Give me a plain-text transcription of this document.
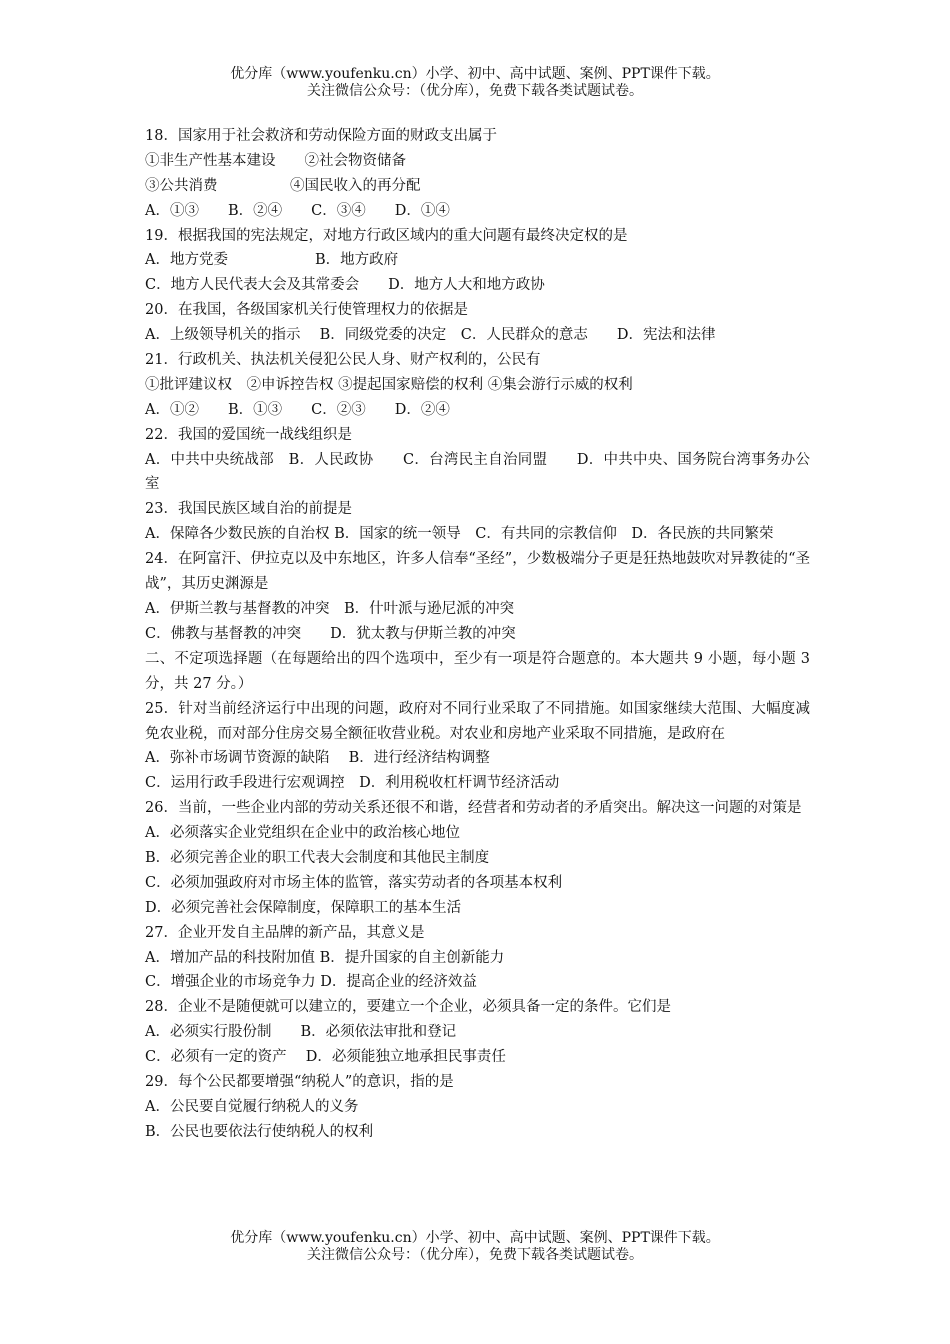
优分库（www.youfenku.cn）小学、初中、高中试题、案例、PPT课件下载。
关注微信公众号：（优分库），免费下载各类试题试卷。
18．国家用于社会救济和劳动保险方面的财政支出属于
①非生产性基本建设　　②社会物资储备
③公共消费　　　　　④国民收入的再分配
A．①③　　B．②④　　C．③④　　D．①④
19．根据我国的宪法规定，对地方行政区域内的重大问题有最终决定权的是
A．地方党委　　　　　　B．地方政府
C．地方人民代表大会及其常委会　　D．地方人大和地方政协
20．在我国，各级国家机关行使管理权力的依据是
A．上级领导机关的指示　 B．同级党委的决定　C．人民群众的意志　　D．宪法和法律
21．行政机关、执法机关侵犯公民人身、财产权利的，公民有
①批评建议权　②申诉控告权 ③提起国家赔偿的权利 ④集会游行示威的权利
A．①②　　B．①③　　C．②③　　D．②④
22．我国的爱国统一战线组织是
A．中共中央统战部　B．人民政协　　C．台湾民主自治同盟　　D．中共中央、国务院台湾事务办公室
23．我国民族区域自治的前提是
A．保障各少数民族的自治权 B．国家的统一领导　C．有共同的宗教信仰　D．各民族的共同繁荣
24．在阿富汗、伊拉克以及中东地区，许多人信奉“圣经”，少数极端分子更是狂热地鼓吹对异教徒的“圣战”，其历史渊源是
A．伊斯兰教与基督教的冲突　B．什叶派与逊尼派的冲突
C．佛教与基督教的冲突　　D．犹太教与伊斯兰教的冲突
二、不定项选择题（在每题给出的四个选项中，至少有一项是符合题意的。本大题共 9 小题，每小题 3 分，共 27 分。）
25．针对当前经济运行中出现的问题，政府对不同行业采取了不同措施。如国家继续大范围、大幅度减免农业税，而对部分住房交易全额征收营业税。对农业和房地产业采取不同措施，是政府在
A．弥补市场调节资源的缺陷　 B．进行经济结构调整
C．运用行政手段进行宏观调控　D．利用税收杠杆调节经济活动
26．当前，一些企业内部的劳动关系还很不和谐，经营者和劳动者的矛盾突出。解决这一问题的对策是
A．必须落实企业党组织在企业中的政治核心地位
B．必须完善企业的职工代表大会制度和其他民主制度
C．必须加强政府对市场主体的监管，落实劳动者的各项基本权利
D．必须完善社会保障制度，保障职工的基本生活
27．企业开发自主品牌的新产品，其意义是
A．增加产品的科技附加值 B．提升国家的自主创新能力
C．增强企业的市场竞争力 D．提高企业的经济效益
28．企业不是随便就可以建立的，要建立一个企业，必须具备一定的条件。它们是
A．必须实行股份制　　B．必须依法审批和登记
C．必须有一定的资产　 D．必须能独立地承担民事责任
29．每个公民都要增强“纳税人”的意识，指的是
A．公民要自觉履行纳税人的义务
B．公民也要依法行使纳税人的权利
优分库（www.youfenku.cn）小学、初中、高中试题、案例、PPT课件下载。
关注微信公众号：（优分库），免费下载各类试题试卷。
